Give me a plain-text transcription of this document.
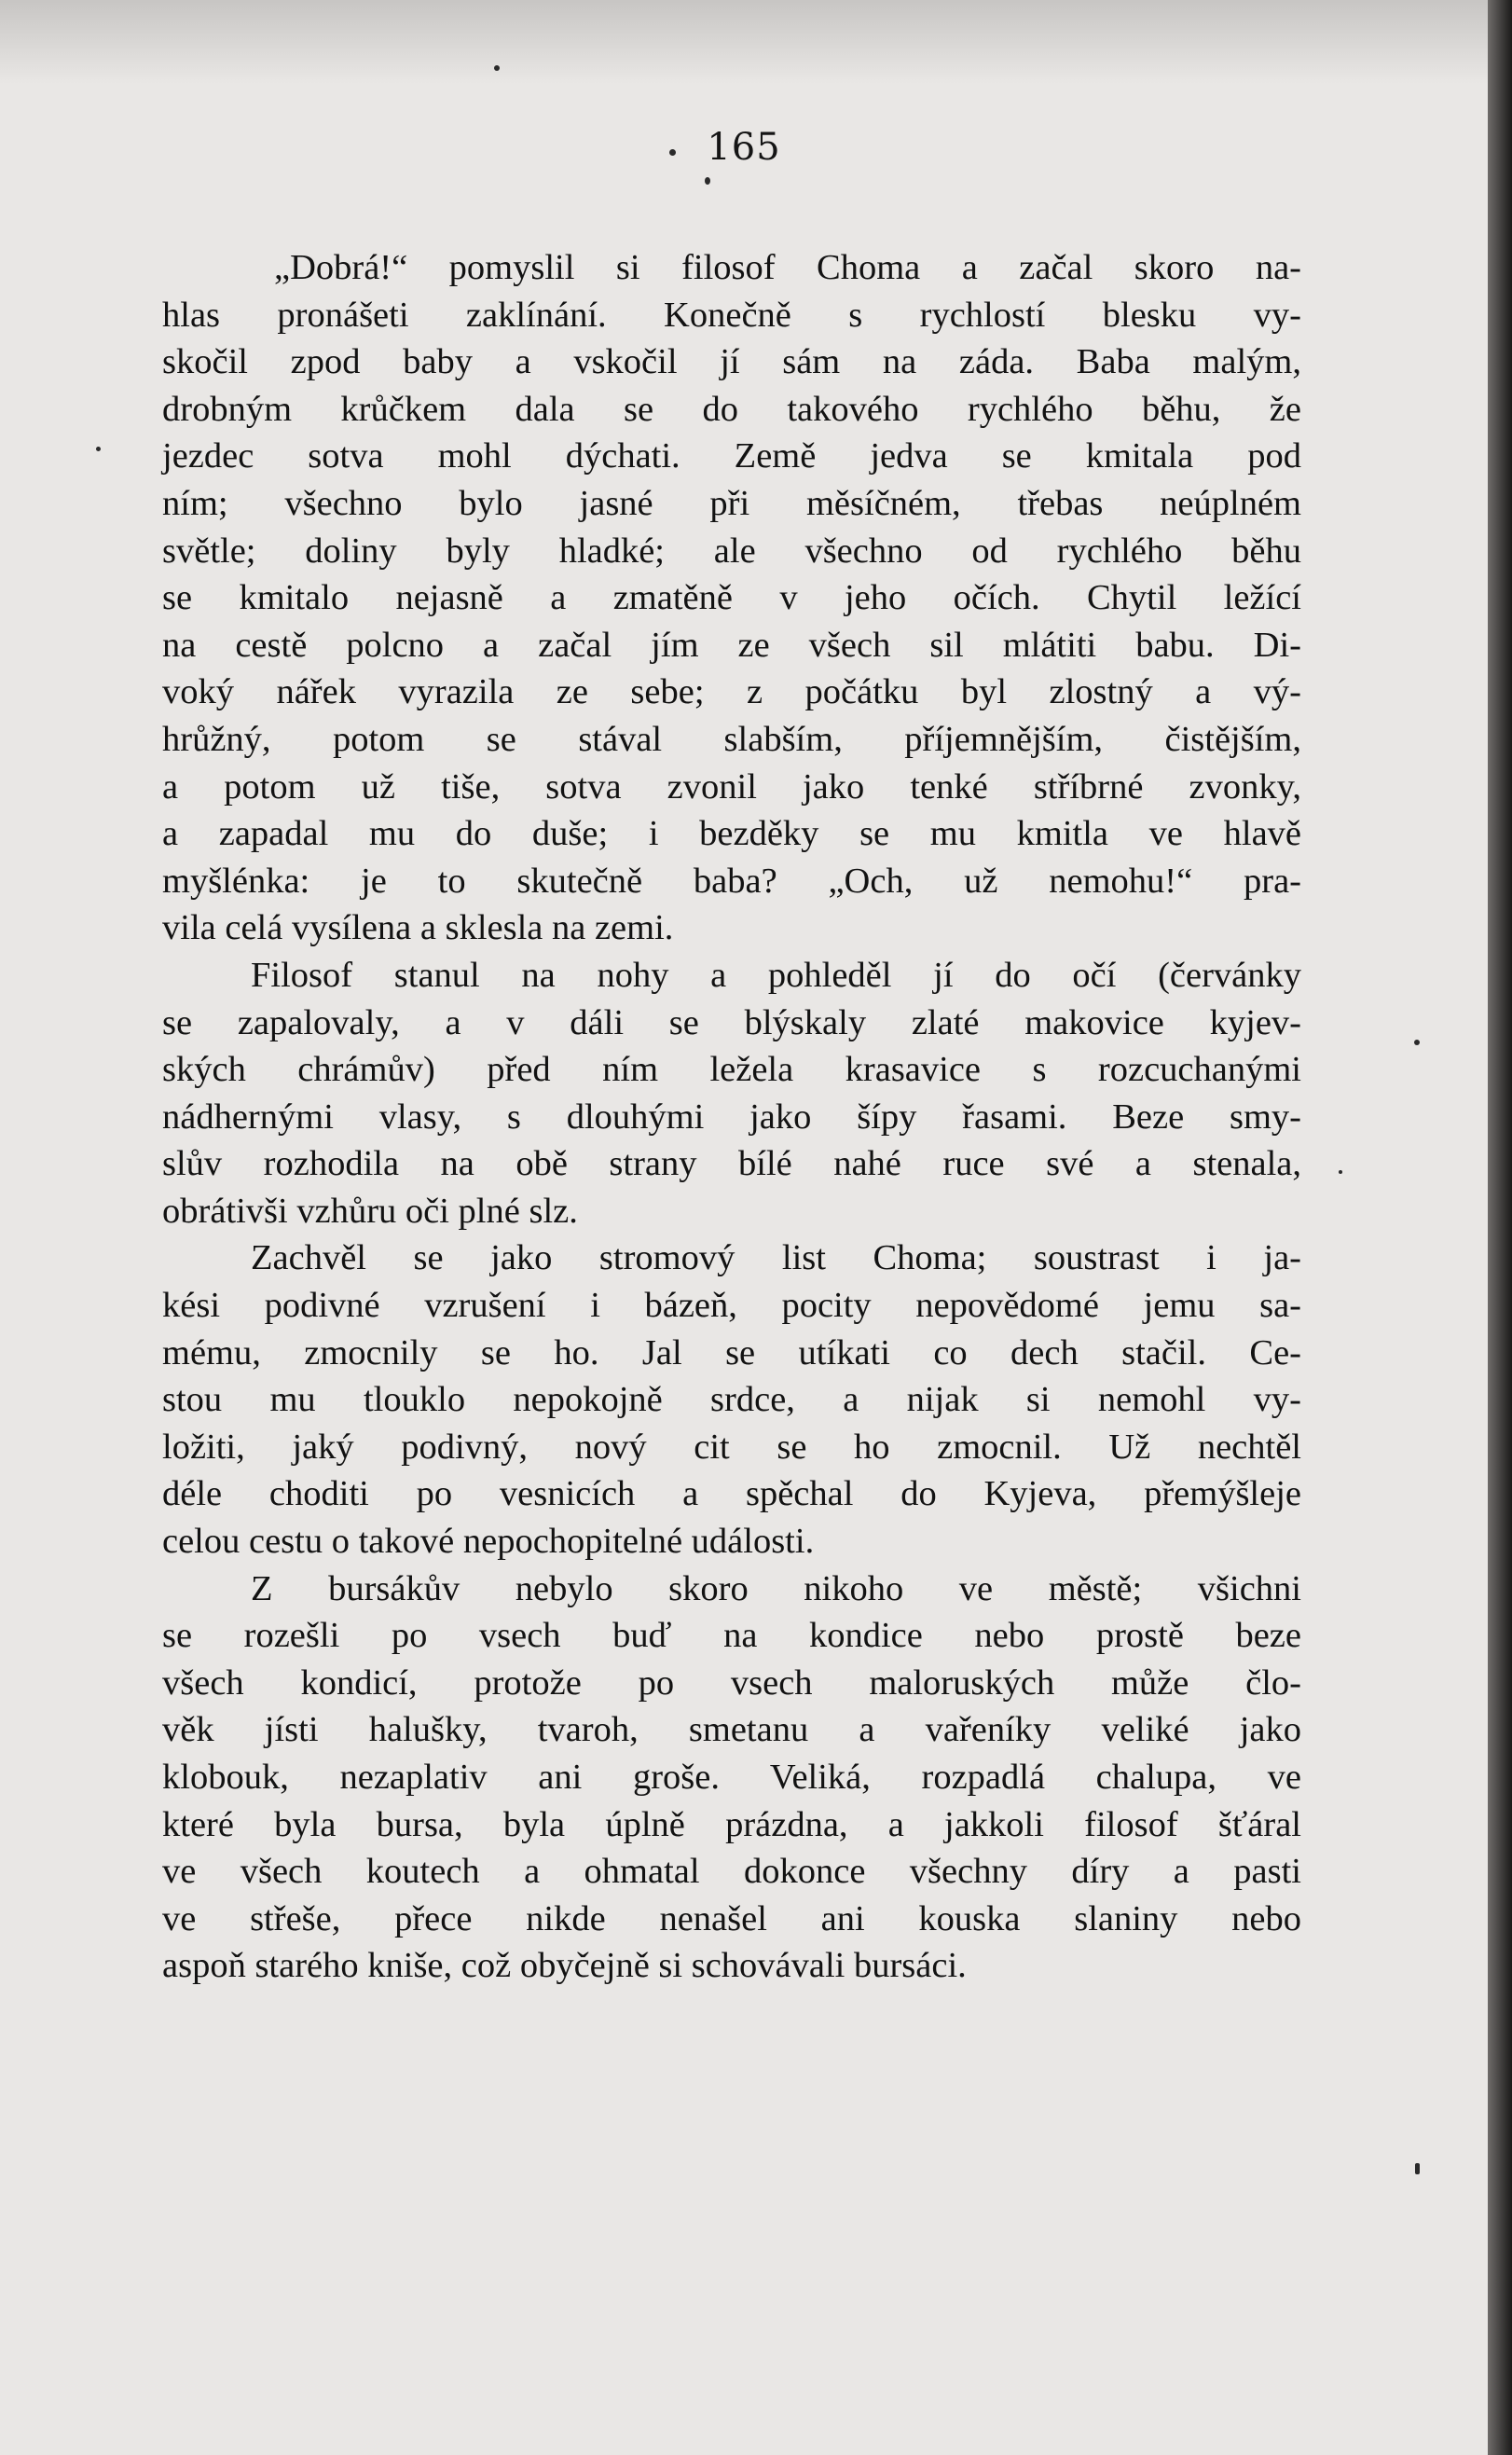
165
„Dobrá!“ pomyslil si filosof Choma a začal skoro na-
hlas pronášeti zaklínání. Konečně s rychlostí blesku vy-
skočil zpod baby a vskočil jí sám na záda. Baba malým,
drobným krůčkem dala se do takového rychlého běhu, že
jezdec sotva mohl dýchati. Země jedva se kmitala pod
ním; všechno bylo jasné při měsíčném, třebas neúplném
světle; doliny byly hladké; ale všechno od rychlého běhu
se kmitalo nejasně a zmatěně v jeho očích. Chytil ležící
na cestě polcno a začal jím ze všech sil mlátiti babu. Di-
voký nářek vyrazila ze sebe; z počátku byl zlostný a vý-
hrůžný, potom se stával slabším, příjemnějším, čistějším,
a potom už tiše, sotva zvonil jako tenké stříbrné zvonky,
a zapadal mu do duše; i bezděky se mu kmitla ve hlavě
myšlénka: je to skutečně baba? „Och, už nemohu!“ pra-
vila celá vysílena a sklesla na zemi.
Filosof stanul na nohy a pohleděl jí do očí (červánky
se zapalovaly, a v dáli se blýskaly zlaté makovice kyjev-
ských chrámův) před ním ležela krasavice s rozcuchanými
nádhernými vlasy, s dlouhými jako šípy řasami. Beze smy-
slův rozhodila na obě strany bílé nahé ruce své a stenala,
obrátivši vzhůru oči plné slz.
Zachvěl se jako stromový list Choma; soustrast i ja-
kési podivné vzrušení i bázeň, pocity nepovědomé jemu sa-
mému, zmocnily se ho. Jal se utíkati co dech stačil. Ce-
stou mu tlouklo nepokojně srdce, a nijak si nemohl vy-
ložiti, jaký podivný, nový cit se ho zmocnil. Už nechtěl
déle choditi po vesnicích a spěchal do Kyjeva, přemýšleje
celou cestu o takové nepochopitelné události.
Z bursákův nebylo skoro nikoho ve městě; všichni
se rozešli po vsech buď na kondice nebo prostě beze
všech kondicí, protože po vsech maloruských může člo-
věk jísti halušky, tvaroh, smetanu a vařeníky veliké jako
klobouk, nezaplativ ani groše. Veliká, rozpadlá chalupa, ve
které byla bursa, byla úplně prázdna, a jakkoli filosof šťáral
ve všech koutech a ohmatal dokonce všechny díry a pasti
ve střeše, přece nikde nenašel ani kouska slaniny nebo
aspoň starého kniše, což obyčejně si schovávali bursáci.
